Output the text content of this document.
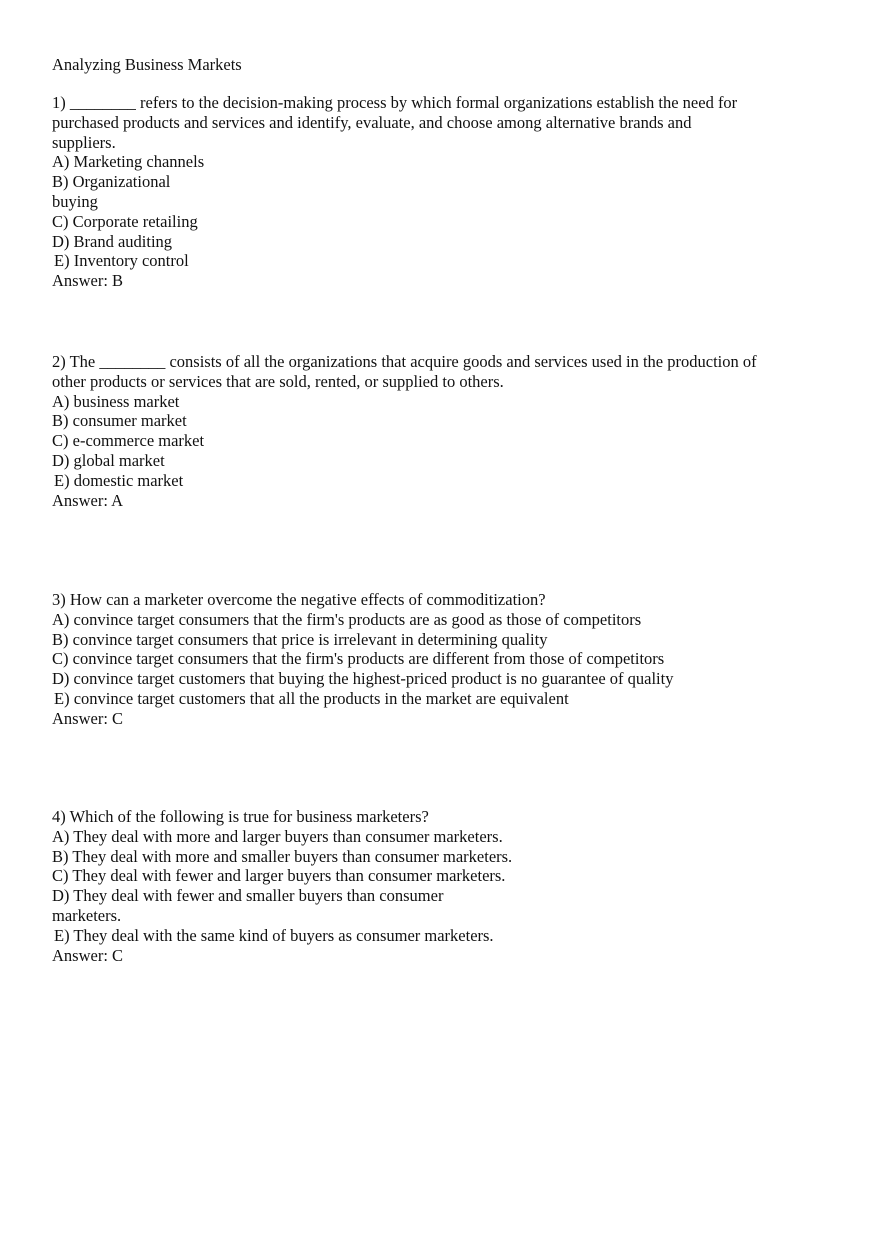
Analyzing Business Markets
1) ________ refers to the decision-making process by which formal organizations establish the need for
purchased products and services and identify, evaluate, and choose among alternative brands and
suppliers.
A) Marketing channels
B) Organizational
buying
C) Corporate retailing
D) Brand auditing
E) Inventory control
Answer: B
2) The ________ consists of all the organizations that acquire goods and services used in the production of
other products or services that are sold, rented, or supplied to others.
A) business market
B) consumer market
C) e-commerce market
D) global market
E) domestic market
Answer: A
3) How can a marketer overcome the negative effects of commoditization?
A) convince target consumers that the firm's products are as good as those of competitors
B) convince target consumers that price is irrelevant in determining quality
C) convince target consumers that the firm's products are different from those of competitors
D) convince target customers that buying the highest-priced product is no guarantee of quality
E) convince target customers that all the products in the market are equivalent
Answer: C
4) Which of the following is true for business marketers?
A) They deal with more and larger buyers than consumer marketers.
B) They deal with more and smaller buyers than consumer marketers.
C) They deal with fewer and larger buyers than consumer marketers.
D) They deal with fewer and smaller buyers than consumer
marketers.
E) They deal with the same kind of buyers as consumer marketers.
Answer: C
